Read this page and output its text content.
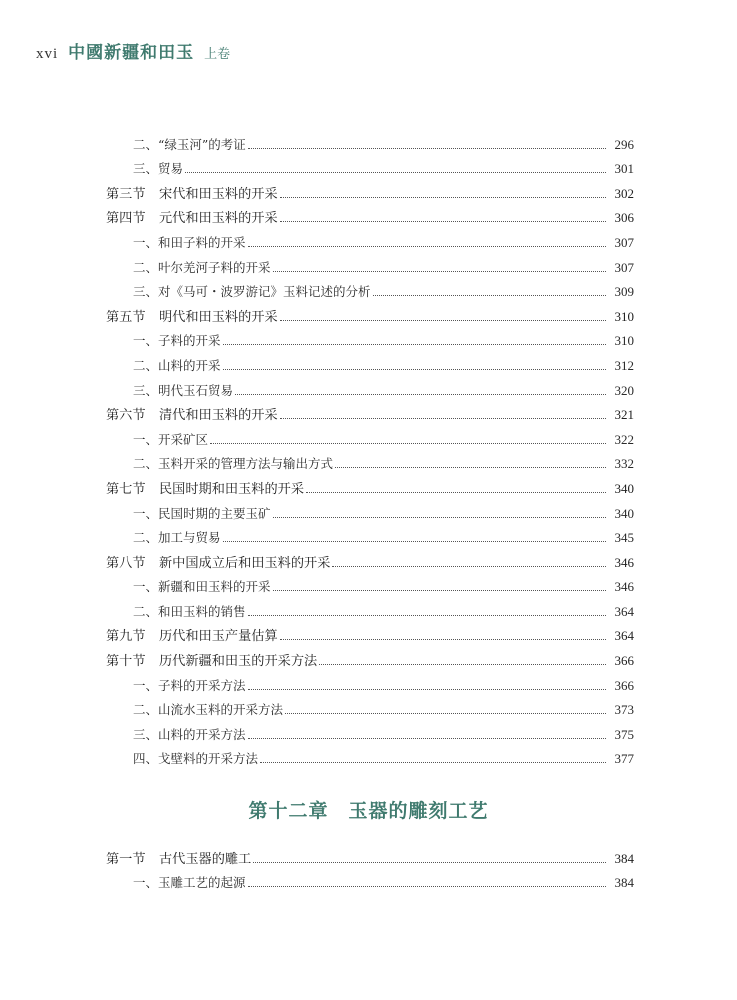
xvi 中國新疆和田玉 上卷
二、“绿玉河”的考证	296
三、贸易	301
第三节	宋代和田玉料的开采	302
第四节	元代和田玉料的开采	306
一、和田子料的开采	307
二、叶尔羌河子料的开采	307
三、对《马可・波罗游记》玉料记述的分析	309
第五节	明代和田玉料的开采	310
一、子料的开采	310
二、山料的开采	312
三、明代玉石贸易	320
第六节	清代和田玉料的开采	321
一、开采矿区	322
二、玉料开采的管理方法与输出方式	332
第七节	民国时期和田玉料的开采	340
一、民国时期的主要玉矿	340
二、加工与贸易	345
第八节	新中国成立后和田玉料的开采	346
一、新疆和田玉料的开采	346
二、和田玉料的销售	364
第九节	历代和田玉产量估算	364
第十节	历代新疆和田玉的开采方法	366
一、子料的开采方法	366
二、山流水玉料的开采方法	373
三、山料的开采方法	375
四、戈壁料的开采方法	377
第十二章 玉器的雕刻工艺
第一节	古代玉器的雕工	384
一、玉雕工艺的起源	384
